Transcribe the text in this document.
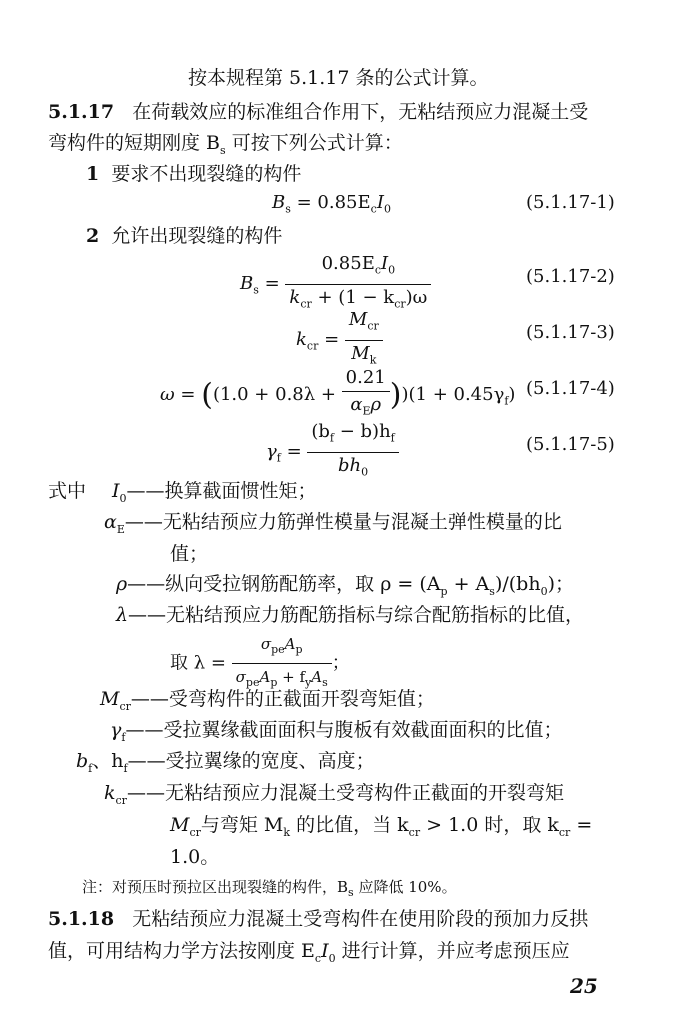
按本规程第 5.1.17 条的公式计算。
5.1.17 在荷载效应的标准组合作用下，无粘结预应力混凝土受
弯构件的短期刚度 $B_s$ 可按下列公式计算：
1 要求不出现裂缝的构件
$B_s = 0.85E_cI_0$	(5.1.17-1)
2 允许出现裂缝的构件
$B_s = \frac{0.85E_cI_0}{k_{cr} + (1 - k_{cr})\omega}$	(5.1.17-2)
$k_{cr} = \frac{M_{cr}}{M_k}$	(5.1.17-3)
$\omega = ((1.0 + 0.8\lambda + \frac{0.21}{\alpha_E\rho} ))(1 + 0.45\gamma_f)$ (5.1.17-4)
$\gamma_f = \frac{(b_f - b)h_f}{bh_0}$	(5.1.17-5)
式中 $I_0——$换算截面惯性矩；
$\alpha_E——$无粘结预应力筋弹性模量与混凝土弹性模量的比
值；
ρ——纵向受拉钢筋配筋率，取 $\rho = (A_p + A_s)/(bh_0)$；
λ——无粘结预应力筋配筋指标与综合配筋指标的比值，
取 $\lambda = \frac{\sigma_{pe}A_p}{\sigma_{pe}A_p + f_yA_s}$ ；
$M_{cr}——$受弯构件的正截面开裂弯矩值；
$\gamma_f——$受拉翼缘截面面积与腹板有效截面面积的比值；
$b_f$、$h_f——$受拉翼缘的宽度、高度；
$k_{cr}——$无粘结预应力混凝土受弯构件正截面的开裂弯矩
$M_{cr}$与弯矩 $M_k$ 的比值，当 $k_{cr} > 1.0$ 时，取 $k_{cr}$ =
1.0。
注：对预压时预拉区出现裂缝的构件，$B_s$ 应降低 10%。
5.1.18 无粘结预应力混凝土受弯构件在使用阶段的预加力反拱
值，可用结构力学方法按刚度 $E_cI_0$ 进行计算，并应考虑预压应
25
